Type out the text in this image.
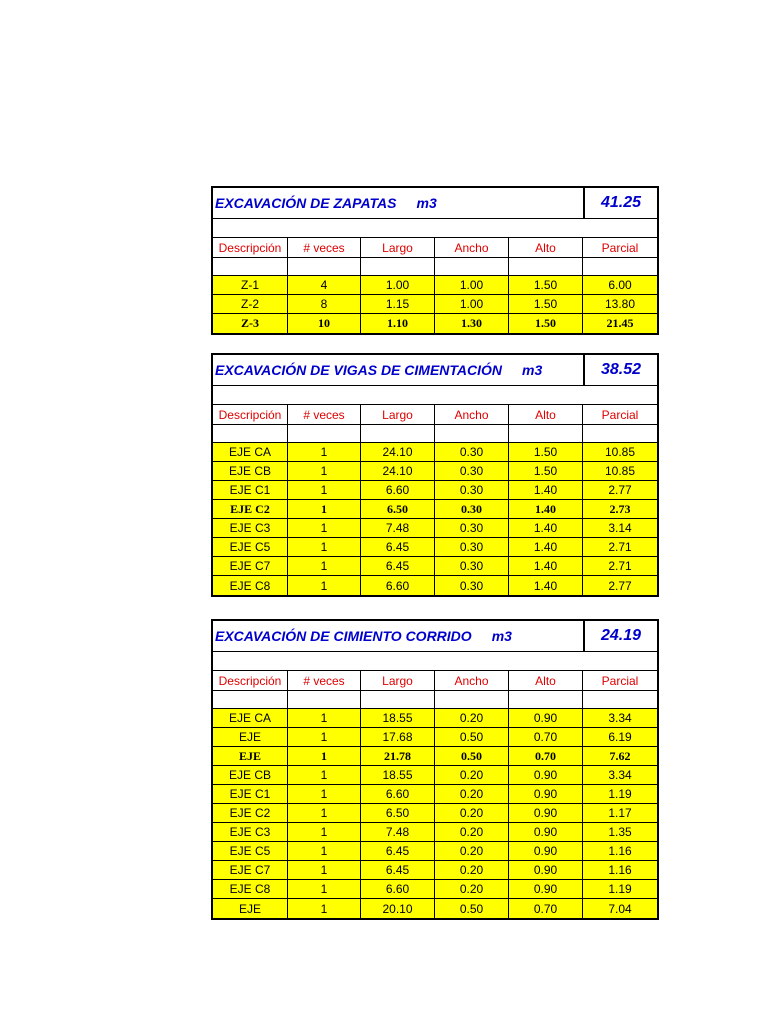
EXCAVACIÓN DE ZAPATAS m3	41.25
Descripción	# veces	Largo	Ancho	Alto	Parcial
Z-1	4	1.00	1.00	1.50	6.00
Z-2	8	1.15	1.00	1.50	13.80
Z-3	10	1.10	1.30	1.50	21.45
EXCAVACIÓN DE VIGAS DE CIMENTACIÓN m3	38.52
Descripción	# veces	Largo	Ancho	Alto	Parcial
EJE CA	1	24.10	0.30	1.50	10.85
EJE CB	1	24.10	0.30	1.50	10.85
EJE C1	1	6.60	0.30	1.40	2.77
EJE C2	1	6.50	0.30	1.40	2.73
EJE C3	1	7.48	0.30	1.40	3.14
EJE C5	1	6.45	0.30	1.40	2.71
EJE C7	1	6.45	0.30	1.40	2.71
EJE C8	1	6.60	0.30	1.40	2.77
EXCAVACIÓN DE CIMIENTO CORRIDO m3	24.19
Descripción	# veces	Largo	Ancho	Alto	Parcial
EJE CA	1	18.55	0.20	0.90	3.34
EJE	1	17.68	0.50	0.70	6.19
EJE	1	21.78	0.50	0.70	7.62
EJE CB	1	18.55	0.20	0.90	3.34
EJE C1	1	6.60	0.20	0.90	1.19
EJE C2	1	6.50	0.20	0.90	1.17
EJE C3	1	7.48	0.20	0.90	1.35
EJE C5	1	6.45	0.20	0.90	1.16
EJE C7	1	6.45	0.20	0.90	1.16
EJE C8	1	6.60	0.20	0.90	1.19
EJE	1	20.10	0.50	0.70	7.04
